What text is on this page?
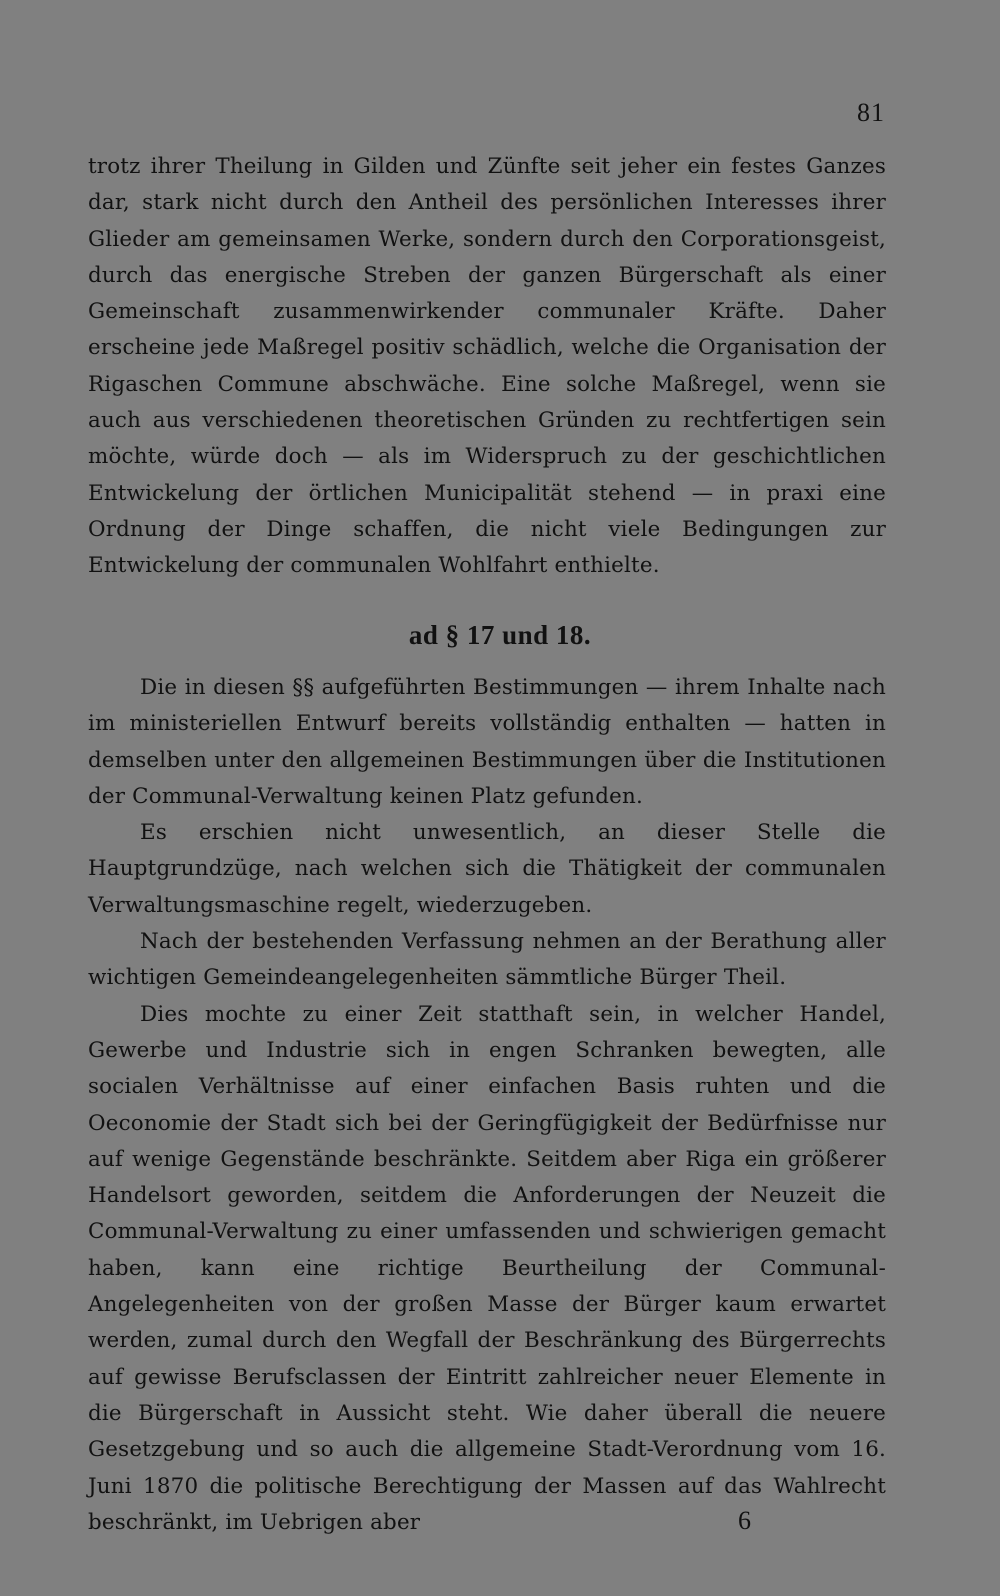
81

trotz ihrer Theilung in Gilden und Zünfte seit jeher ein festes Ganzes dar, stark nicht durch den Antheil des persönlichen Interesses ihrer Glieder am gemeinsamen Werke, sondern durch den Corporationsgeist, durch das energische Streben der ganzen Bürgerschaft als einer Gemeinschaft zusammenwirkender communaler Kräfte. Daher erscheine jede Maßregel positiv schädlich, welche die Organisation der Rigaschen Commune abschwäche. Eine solche Maßregel, wenn sie auch aus verschiedenen theoretischen Gründen zu rechtfertigen sein möchte, würde doch — als im Widerspruch zu der geschichtlichen Entwickelung der örtlichen Municipalität stehend — in praxi eine Ordnung der Dinge schaffen, die nicht viele Bedingungen zur Entwickelung der communalen Wohlfahrt enthielte.

ad § 17 und 18.

Die in diesen §§ aufgeführten Bestimmungen — ihrem Inhalte nach im ministeriellen Entwurf bereits vollständig enthalten — hatten in demselben unter den allgemeinen Bestimmungen über die Institutionen der Communal-Verwaltung keinen Platz gefunden.

Es erschien nicht unwesentlich, an dieser Stelle die Hauptgrundzüge, nach welchen sich die Thätigkeit der communalen Verwaltungsmaschine regelt, wiederzugeben.

Nach der bestehenden Verfassung nehmen an der Berathung aller wichtigen Gemeindeangelegenheiten sämmtliche Bürger Theil.

Dies mochte zu einer Zeit statthaft sein, in welcher Handel, Gewerbe und Industrie sich in engen Schranken bewegten, alle socialen Verhältnisse auf einer einfachen Basis ruhten und die Oeconomie der Stadt sich bei der Geringfügigkeit der Bedürfnisse nur auf wenige Gegenstände beschränkte. Seitdem aber Riga ein größerer Handelsort geworden, seitdem die Anforderungen der Neuzeit die Communal-Verwaltung zu einer umfassenden und schwierigen gemacht haben, kann eine richtige Beurtheilung der Communal-Angelegenheiten von der großen Masse der Bürger kaum erwartet werden, zumal durch den Wegfall der Beschränkung des Bürgerrechts auf gewisse Berufsclassen der Eintritt zahlreicher neuer Elemente in die Bürgerschaft in Aussicht steht. Wie daher überall die neuere Gesetzgebung und so auch die allgemeine Stadt-Verordnung vom 16. Juni 1870 die politische Berechtigung der Massen auf das Wahlrecht beschränkt, im Uebrigen aber	6
